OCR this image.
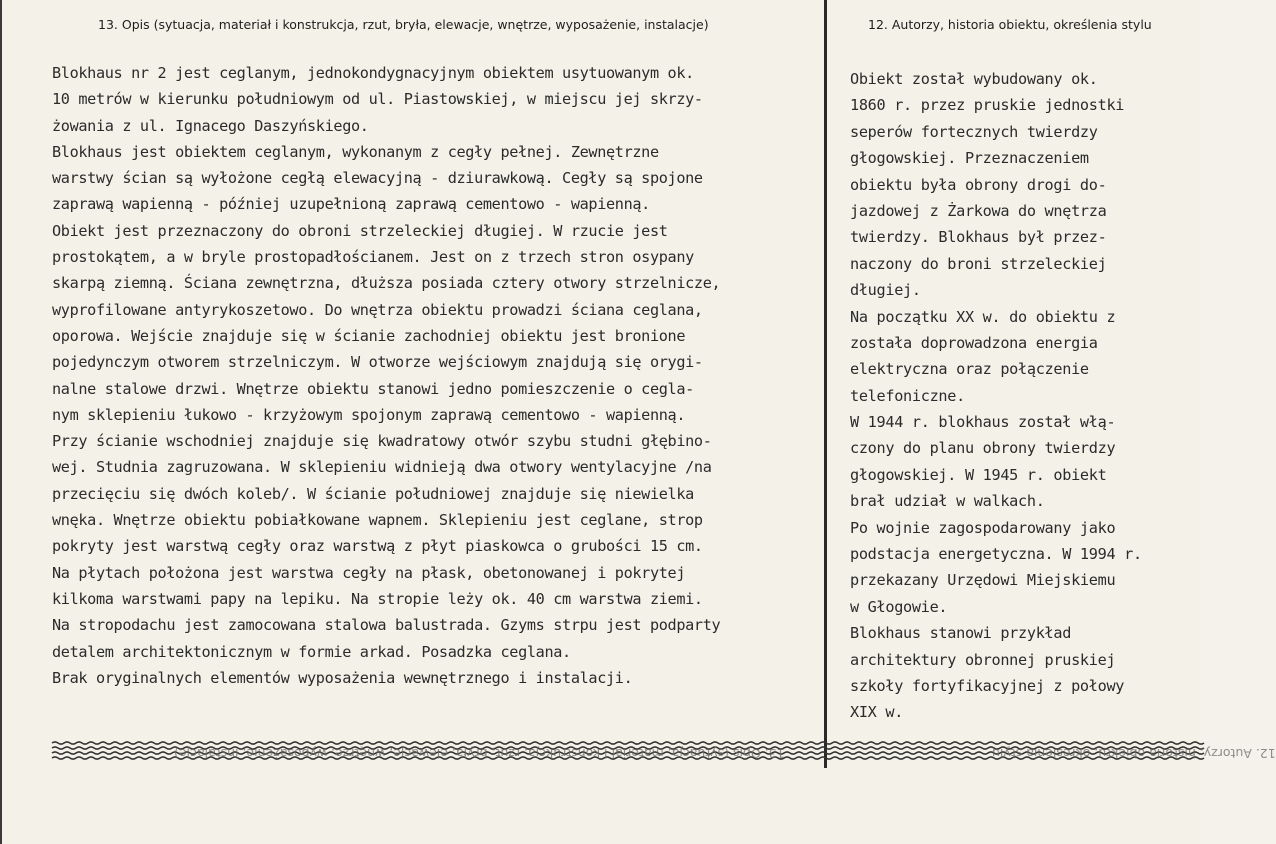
13. Opis (sytuacja, materiał i konstrukcja, rzut, bryła, elewacje, wnętrze, wyposażenie, instalacje)	12. Autorzy, historia obiektu, określenia stylu
Blokhaus nr 2 jest ceglanym, jednokondygnacyjnym obiektem usytuowanym ok.
10 metrów w kierunku południowym od ul. Piastowskiej, w miejscu jej skrzy-
żowania z ul. Ignacego Daszyńskiego.
Blokhaus jest obiektem ceglanym, wykonanym z cegły pełnej. Zewnętrzne
warstwy ścian są wyłożone cegłą elewacyjną - dziurawkową. Cegły są spojone
zaprawą wapienną - później uzupełnioną zaprawą cementowo - wapienną.
Obiekt jest przeznaczony do obroni strzeleckiej długiej. W rzucie jest
prostokątem, a w bryle prostopadłościanem. Jest on z trzech stron osypany
skarpą ziemną. Ściana zewnętrzna, dłuższa posiada cztery otwory strzelnicze,
wyprofilowane antyrykoszetowo. Do wnętrza obiektu prowadzi ściana ceglana,
oporowa. Wejście znajduje się w ścianie zachodniej obiektu jest bronione
pojedynczym otworem strzelniczym. W otworze wejściowym znajdują się orygi-
nalne stalowe drzwi. Wnętrze obiektu stanowi jedno pomieszczenie o cegla-
nym sklepieniu łukowo - krzyżowym spojonym zaprawą cementowo - wapienną.
Przy ścianie wschodniej znajduje się kwadratowy otwór szybu studni głębino-
wej. Studnia zagruzowana. W sklepieniu widnieją dwa otwory wentylacyjne /na
przecięciu się dwóch koleb/. W ścianie południowej znajduje się niewielka
wnęka. Wnętrze obiektu pobiałkowane wapnem. Sklepieniu jest ceglane, strop
pokryty jest warstwą cegły oraz warstwą z płyt piaskowca o grubości 15 cm.
Na płytach położona jest warstwa cegły na płask, obetonowanej i pokrytej
kilkoma warstwami papy na lepiku. Na stropie leży ok. 40 cm warstwa ziemi.
Na stropodachu jest zamocowana stalowa balustrada. Gzyms strpu jest podparty
detalem architektonicznym w formie arkad. Posadzka ceglana.
Brak oryginalnych elementów wyposażenia wewnętrznego i instalacji.
Obiekt został wybudowany ok.
1860 r. przez pruskie jednostki
seperów fortecznych twierdzy
głogowskiej. Przeznaczeniem
obiektu była obrony drogi do-
jazdowej z Żarkowa do wnętrza
twierdzy. Blokhaus był przez-
naczony do broni strzeleckiej
długiej.
Na początku XX w. do obiektu z
została doprowadzona energia
elektryczna oraz połączenie
telefoniczne.
W 1944 r. blokhaus został włą-
czony do planu obrony twierdzy
głogowskiej. W 1945 r. obiekt
brał udział w walkach.
Po wojnie zagospodarowany jako
podstacja energetyczna. W 1994 r.
przekazany Urzędowi Miejskiemu
w Głogowie.
Blokhaus stanowi przykład
architektury obronnej pruskiej
szkoły fortyfikacyjnej z połowy
XIX w.
13. Opis (sytuacja, materiał i konstrukcja, rzut, bryła, elewacje, wnętrze, wyposażenie, instalacje)	12. Autorzy, historia obiektu, określenia stylu
